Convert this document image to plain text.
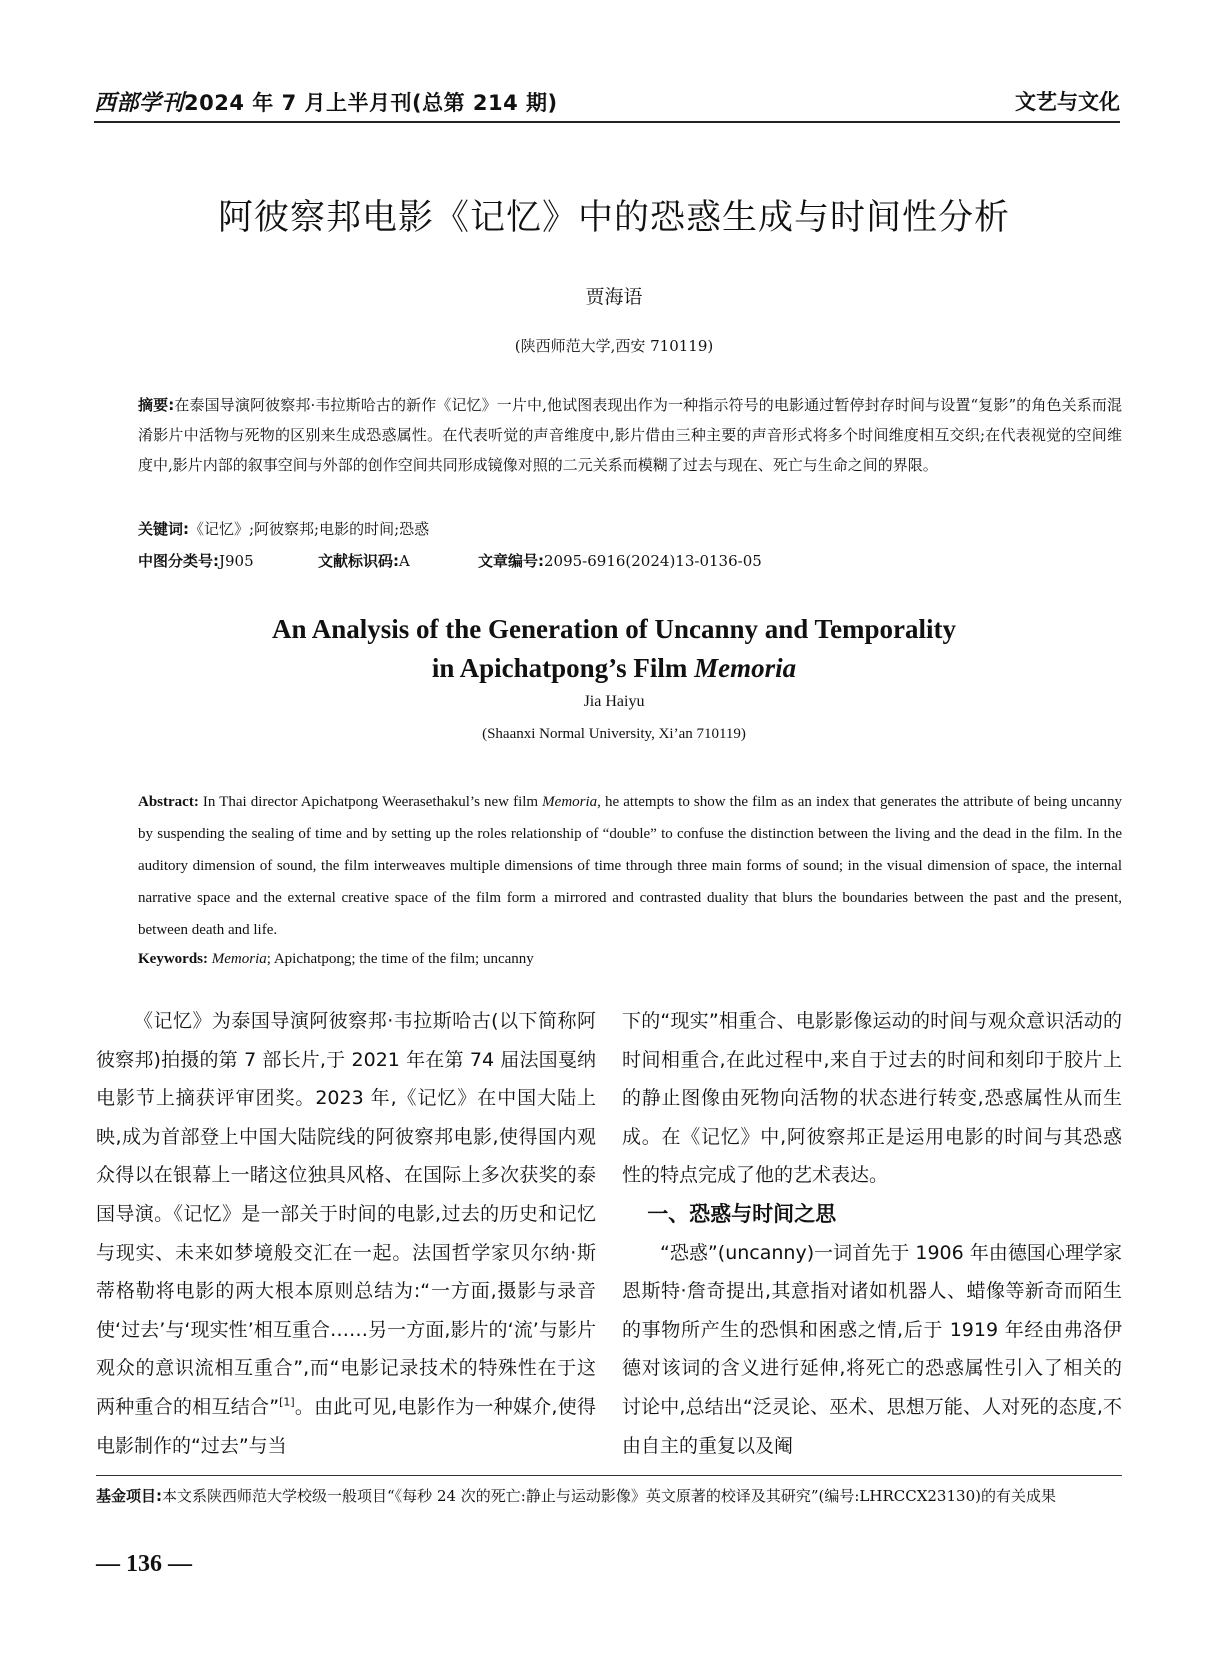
西部学刊2024 年 7 月上半月刊(总第 214 期)	文艺与文化
阿彼察邦电影《记忆》中的恐惑生成与时间性分析
贾海语
(陕西师范大学,西安 710119)
摘要:在泰国导演阿彼察邦·韦拉斯哈古的新作《记忆》一片中,他试图表现出作为一种指示符号的电影通过暂停封存时间与设置“复影”的角色关系而混淆影片中活物与死物的区别来生成恐惑属性。在代表听觉的声音维度中,影片借由三种主要的声音形式将多个时间维度相互交织;在代表视觉的空间维度中,影片内部的叙事空间与外部的创作空间共同形成镜像对照的二元关系而模糊了过去与现在、死亡与生命之间的界限。
关键词:《记忆》;阿彼察邦;电影的时间;恐惑
中图分类号:J905	文献标识码:A	文章编号:2095-6916(2024)13-0136-05
An Analysis of the Generation of Uncanny and Temporality
in Apichatpong’s Film Memoria
Jia Haiyu
(Shaanxi Normal University, Xi’an 710119)
Abstract: In Thai director Apichatpong Weerasethakul’s new film Memoria, he attempts to show the film as an index that generates the attribute of being uncanny by suspending the sealing of time and by setting up the roles relationship of “double” to confuse the distinction between the living and the dead in the film. In the auditory dimension of sound, the film interweaves multiple dimensions of time through three main forms of sound; in the visual dimension of space, the internal narrative space and the external creative space of the film form a mirrored and contrasted duality that blurs the boundaries between the past and the present, between death and life.
Keywords: Memoria; Apichatpong; the time of the film; uncanny

《记忆》为泰国导演阿彼察邦·韦拉斯哈古(以下简称阿彼察邦)拍摄的第 7 部长片,于 2021 年在第 74 届法国戛纳电影节上摘获评审团奖。2023 年,《记忆》在中国大陆上映,成为首部登上中国大陆院线的阿彼察邦电影,使得国内观众得以在银幕上一睹这位独具风格、在国际上多次获奖的泰国导演。《记忆》是一部关于时间的电影,过去的历史和记忆与现实、未来如梦境般交汇在一起。法国哲学家贝尔纳·斯蒂格勒将电影的两大根本原则总结为:“一方面,摄影与录音使‘过去’与‘现实性’相互重合……另一方面,影片的‘流’与影片观众的意识流相互重合”,而“电影记录技术的特殊性在于这两种重合的相互结合”[1]。由此可见,电影作为一种媒介,使得电影制作的“过去”与当

下的“现实”相重合、电影影像运动的时间与观众意识活动的时间相重合,在此过程中,来自于过去的时间和刻印于胶片上的静止图像由死物向活物的状态进行转变,恐惑属性从而生成。在《记忆》中,阿彼察邦正是运用电影的时间与其恐惑性的特点完成了他的艺术表达。

一、恐惑与时间之思

“恐惑”(uncanny)一词首先于 1906 年由德国心理学家恩斯特·詹奇提出,其意指对诸如机器人、蜡像等新奇而陌生的事物所产生的恐惧和困惑之情,后于 1919 年经由弗洛伊德对该词的含义进行延伸,将死亡的恐惑属性引入了相关的讨论中,总结出“泛灵论、巫术、思想万能、人对死的态度,不由自主的重复以及阉

基金项目:本文系陕西师范大学校级一般项目“《每秒 24 次的死亡:静止与运动影像》英文原著的校译及其研究”(编号:LHRCCX23130)的有关成果
— 136 —
